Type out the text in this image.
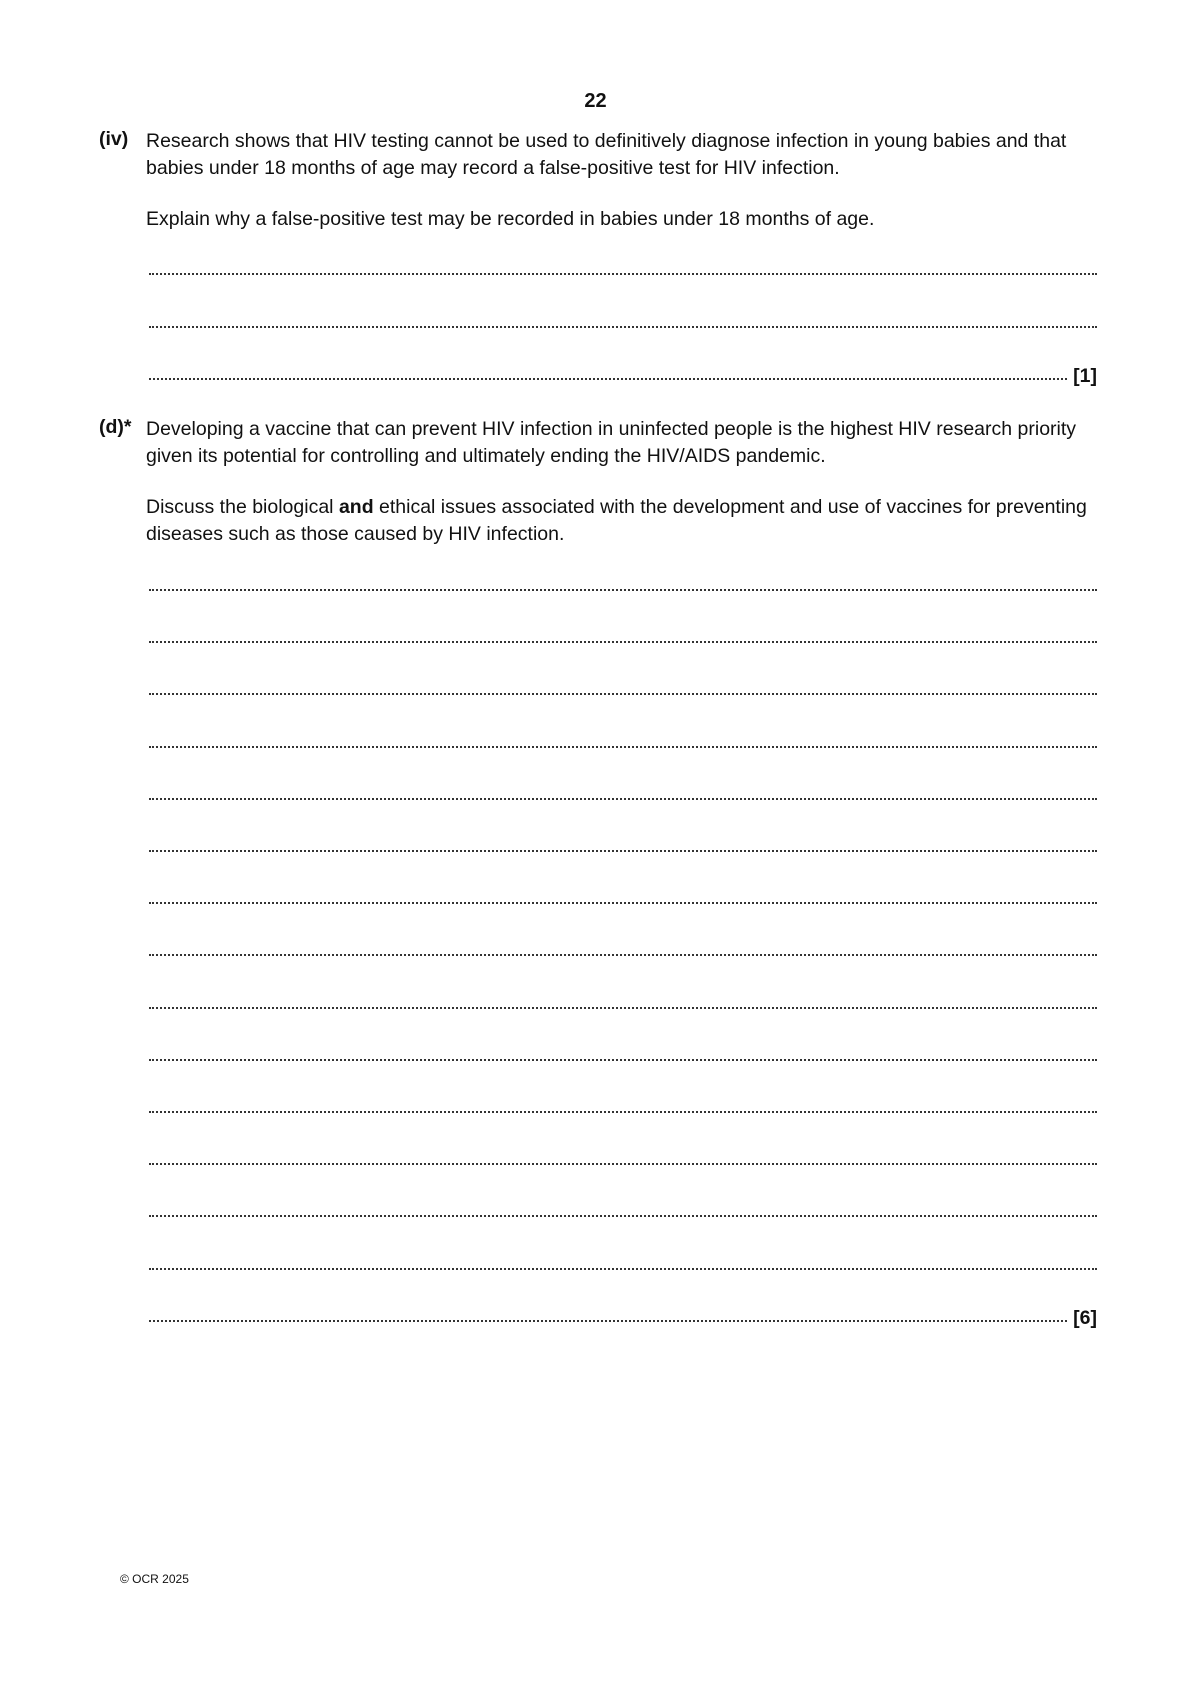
22
(iv) Research shows that HIV testing cannot be used to definitively diagnose infection in young babies and that babies under 18 months of age may record a false-positive test for HIV infection.
Explain why a false-positive test may be recorded in babies under 18 months of age.
[1]
(d)* Developing a vaccine that can prevent HIV infection in uninfected people is the highest HIV research priority given its potential for controlling and ultimately ending the HIV/AIDS pandemic.
Discuss the biological and ethical issues associated with the development and use of vaccines for preventing diseases such as those caused by HIV infection.
[6]
© OCR 2025
